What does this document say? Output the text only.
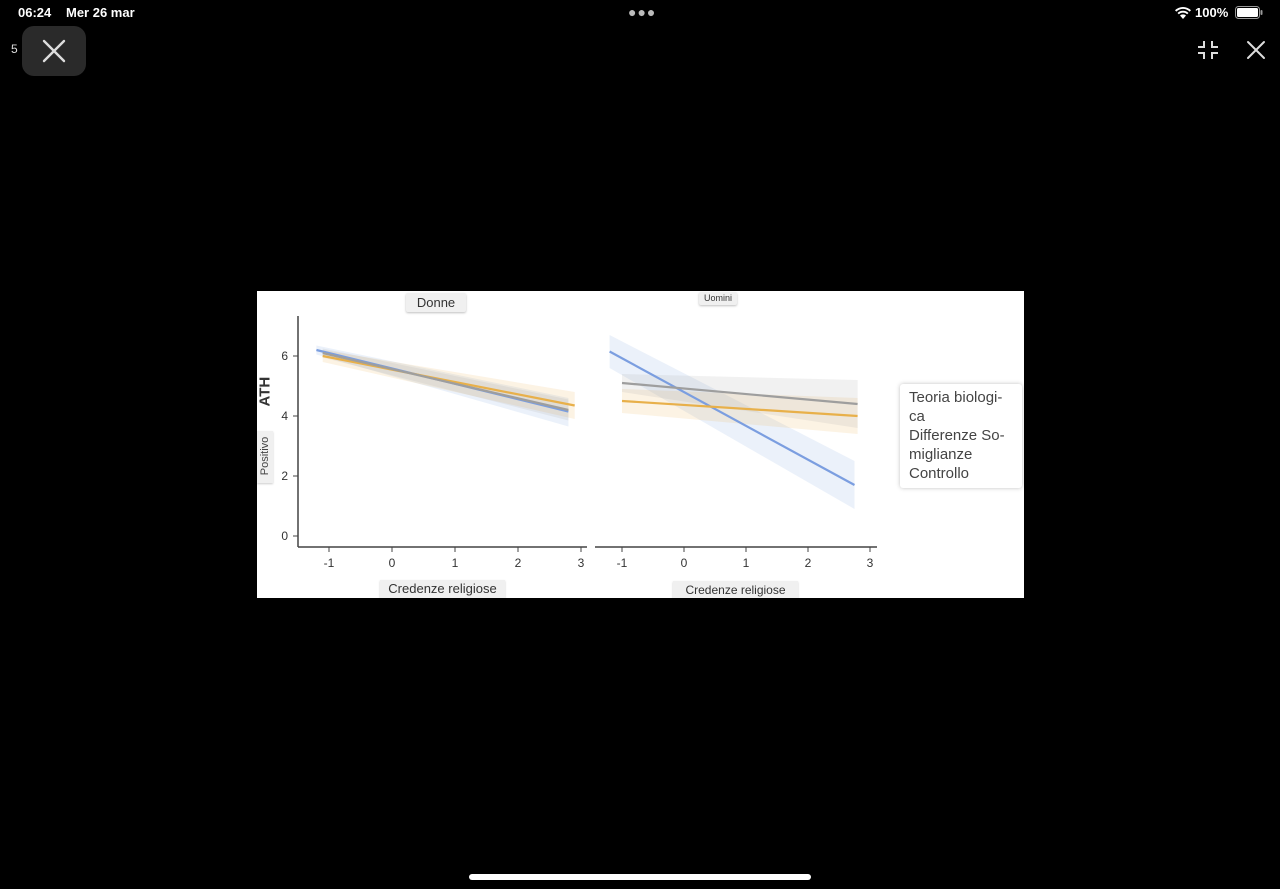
06:24 Mer 26 mar	●●●	100%
5
-1	0	1	2	3
0
2
4
6
-1	0	1	2	3
Donne	Uomini
Credenze religiose	Credenze religiose
ATH
Positivo
Teoria biologi-
ca
Differenze So-
miglianze
Controllo
